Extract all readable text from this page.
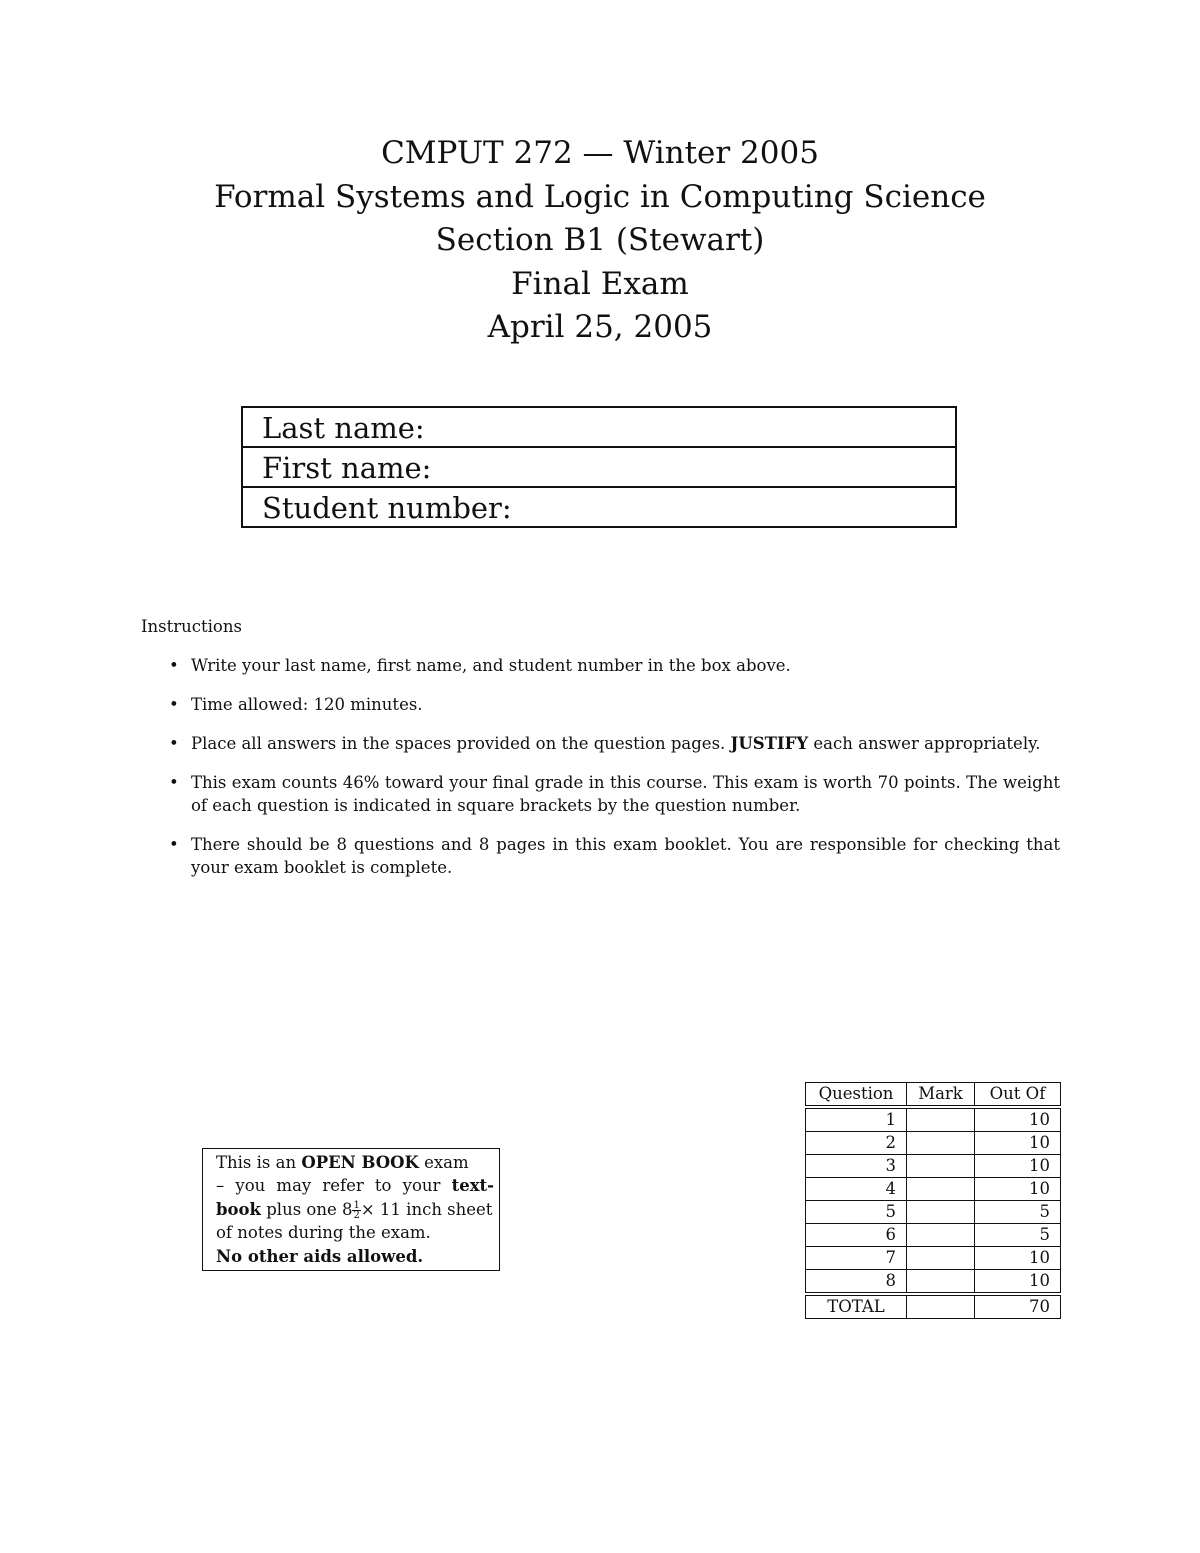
CMPUT 272 — Winter 2005
Formal Systems and Logic in Computing Science
Section B1 (Stewart)
Final Exam
April 25, 2005
Last name:
First name:
Student number:
Instructions
• Write your last name, first name, and student number in the box above.
• Time allowed: 120 minutes.
• Place all answers in the spaces provided on the question pages. JUSTIFY each answer appropriately.
• This exam counts 46% toward your final grade in this course. This exam is worth 70 points. The weight of each question is indicated in square brackets by the question number.
• There should be 8 questions and 8 pages in this exam booklet. You are responsible for checking that your exam booklet is complete.
This is an OPEN BOOK exam
– you may refer to your text-
book plus one $8 \frac{1}{2} \times 11$ inch sheet
of notes during the exam.
No other aids allowed.
Question	Mark	Out Of
1		10
2		10
3		10
4		10
5		5
6		5
7		10
8		10
TOTAL		70
